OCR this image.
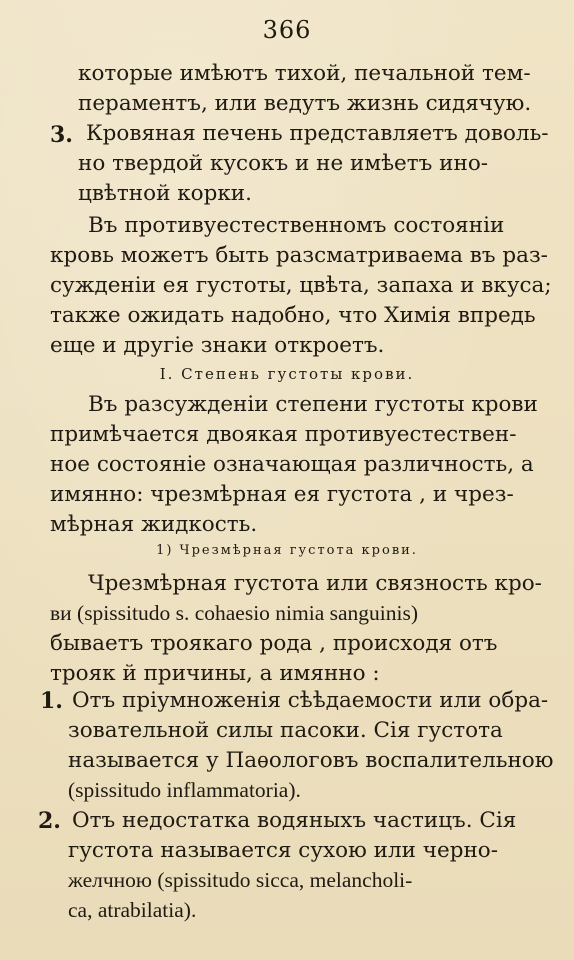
366
которые имѣютъ тихой, печальной тем-
пераментъ, или ведутъ жизнь сидячую.
3. Кровяная печень представляетъ доволь-
но твердой кусокъ и не имѣетъ ино-
цвѣтной корки.
Въ противуестественномъ состояніи
кровь можетъ быть разсматриваема въ раз-
сужденіи ея густоты, цвѣта, запаха и вкуса;
также ожидать надобно, что Химія впредь
еще и другіе знаки откроетъ.
I. Степень густоты крови.
Въ разсужденіи степени густоты крови
примѣчается двоякая противуестествен-
ное состояніе означающая различность, а
имянно: чрезмѣрная ея густота , и чрез-
мѣрная жидкость.
1) Чрезмѣрная густота крови.
Чрезмѣрная густота или связность кро-
ви (spissitudo s. cohaesio nimia sanguinis)
бываетъ троякаго рода , происходя отъ
трояк й причины, а имянно :
1. Отъ пріумноженія сѣѣдаемости или обра-
зовательной силы пасоки. Сія густота
называется у Паѳологовъ воспалительною
(spissitudo inflammatoria).
2. Отъ недостатка водяныхъ частицъ. Сія
густота называется сухою или черно-
желчною (spissitudo sicca, melancholi-
ca, atrabilatia).
